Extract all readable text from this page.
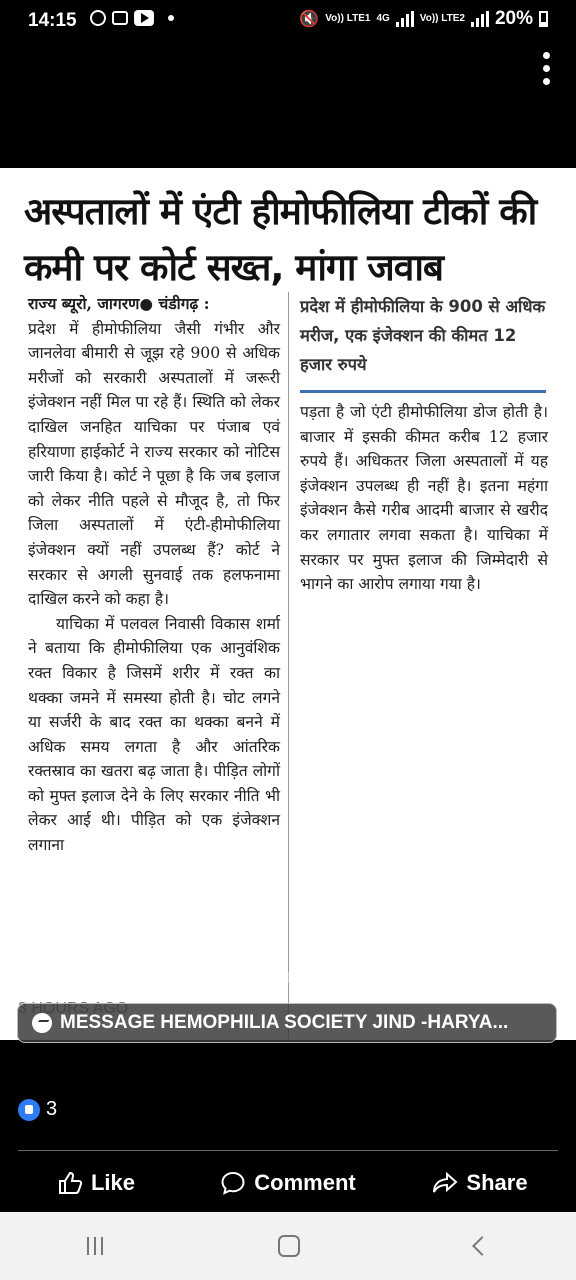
14:15	🔇 Vo)) LTE1 4G	Vo)) LTE2 20%
अस्पतालों में एंटी हीमोफीलिया टीकों की कमी पर कोर्ट सख्त, मांगा जवाब

राज्य ब्यूरो, जागरण● चंडीगढ़ :

प्रदेश में हीमोफीलिया जैसी गंभीर और जानलेवा बीमारी से जूझ रहे 900 से अधिक मरीजों को सरकारी अस्पतालों में जरूरी इंजेक्शन नहीं मिल पा रहे हैं। स्थिति को लेकर दाखिल जनहित याचिका पर पंजाब एवं हरियाणा हाईकोर्ट ने राज्य सरकार को नोटिस जारी किया है। कोर्ट ने पूछा है कि जब इलाज को लेकर नीति पहले से मौजूद है, तो फिर जिला अस्पतालों में एंटी-हीमोफीलिया इंजेक्शन क्यों नहीं उपलब्ध हैं? कोर्ट ने सरकार से अगली सुनवाई तक हलफनामा दाखिल करने को कहा है।

याचिका में पलवल निवासी विकास शर्मा ने बताया कि हीमोफीलिया एक आनुवंशिक रक्त विकार है जिसमें शरीर में रक्त का थक्का जमने में समस्या होती है। चोट लगने या सर्जरी के बाद रक्त का थक्का बनने में अधिक समय लगता है और आंतरिक रक्तस्राव का खतरा बढ़ जाता है। पीड़ित लोगों को मुफ्त इलाज देने के लिए सरकार नीति भी लेकर आई थी। पीड़ित को एक इंजेक्शन लगाना

प्रदेश में हीमोफीलिया के 900 से अधिक मरीज, एक इंजेक्शन की कीमत 12 हजार रुपये

पड़ता है जो एंटी हीमोफीलिया डोज होती है। बाजार में इसकी कीमत करीब 12 हजार रुपये हैं। अधिकतर जिला अस्पतालों में यह इंजेक्शन उपलब्ध ही नहीं है। इतना महंगा इंजेक्शन कैसे गरीब आदमी बाजार से खरीद कर लगातार लगवा सकता है। याचिका में सरकार पर मुफ्त इलाज की जिम्मेदारी से भागने का आरोप लगाया गया है।

Hemophilia Society Jind -Haryana
MESSAGE HEMOPHILIA SOCIETY JIND -HARYA...
3
Like	Comment	Share
